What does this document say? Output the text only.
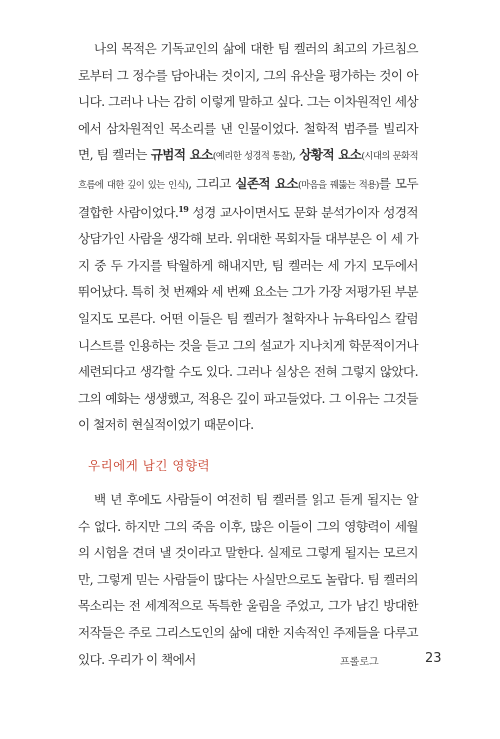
나의 목적은 기독교인의 삶에 대한 팀 켈러의 최고의 가르침으로부터 그 정수를 담아내는 것이지, 그의 유산을 평가하는 것이 아니다. 그러나 나는 감히 이렇게 말하고 싶다. 그는 이차원적인 세상에서 삼차원적인 목소리를 낸 인물이었다. 철학적 범주를 빌리자면, 팀 켈러는 규범적 요소(예리한 성경적 통찰), 상황적 요소(시대의 문화적 흐름에 대한 깊이 있는 인식), 그리고 실존적 요소(마음을 꿰뚫는 적용)를 모두 결합한 사람이었다.$^{19}$ 성경 교사이면서도 문화 분석가이자 성경적 상담가인 사람을 생각해 보라. 위대한 목회자들 대부분은 이 세 가지 중 두 가지를 탁월하게 해내지만, 팀 켈러는 세 가지 모두에서 뛰어났다. 특히 첫 번째와 세 번째 요소는 그가 가장 저평가된 부분일지도 모른다. 어떤 이들은 팀 켈러가 철학자나 뉴욕타임스 칼럼니스트를 인용하는 것을 듣고 그의 설교가 지나치게 학문적이거나 세련되다고 생각할 수도 있다. 그러나 실상은 전혀 그렇지 않았다. 그의 예화는 생생했고, 적용은 깊이 파고들었다. 그 이유는 그것들이 철저히 현실적이었기 때문이다.

우리에게 남긴 영향력

백 년 후에도 사람들이 여전히 팀 켈러를 읽고 듣게 될지는 알 수 없다. 하지만 그의 죽음 이후, 많은 이들이 그의 영향력이 세월의 시험을 견뎌 낼 것이라고 말한다. 실제로 그렇게 될지는 모르지만, 그렇게 믿는 사람들이 많다는 사실만으로도 놀랍다. 팀 켈러의 목소리는 전 세계적으로 독특한 울림을 주었고, 그가 남긴 방대한 저작들은 주로 그리스도인의 삶에 대한 지속적인 주제들을 다루고 있다. 우리가 이 책에서	프롤로그	23
